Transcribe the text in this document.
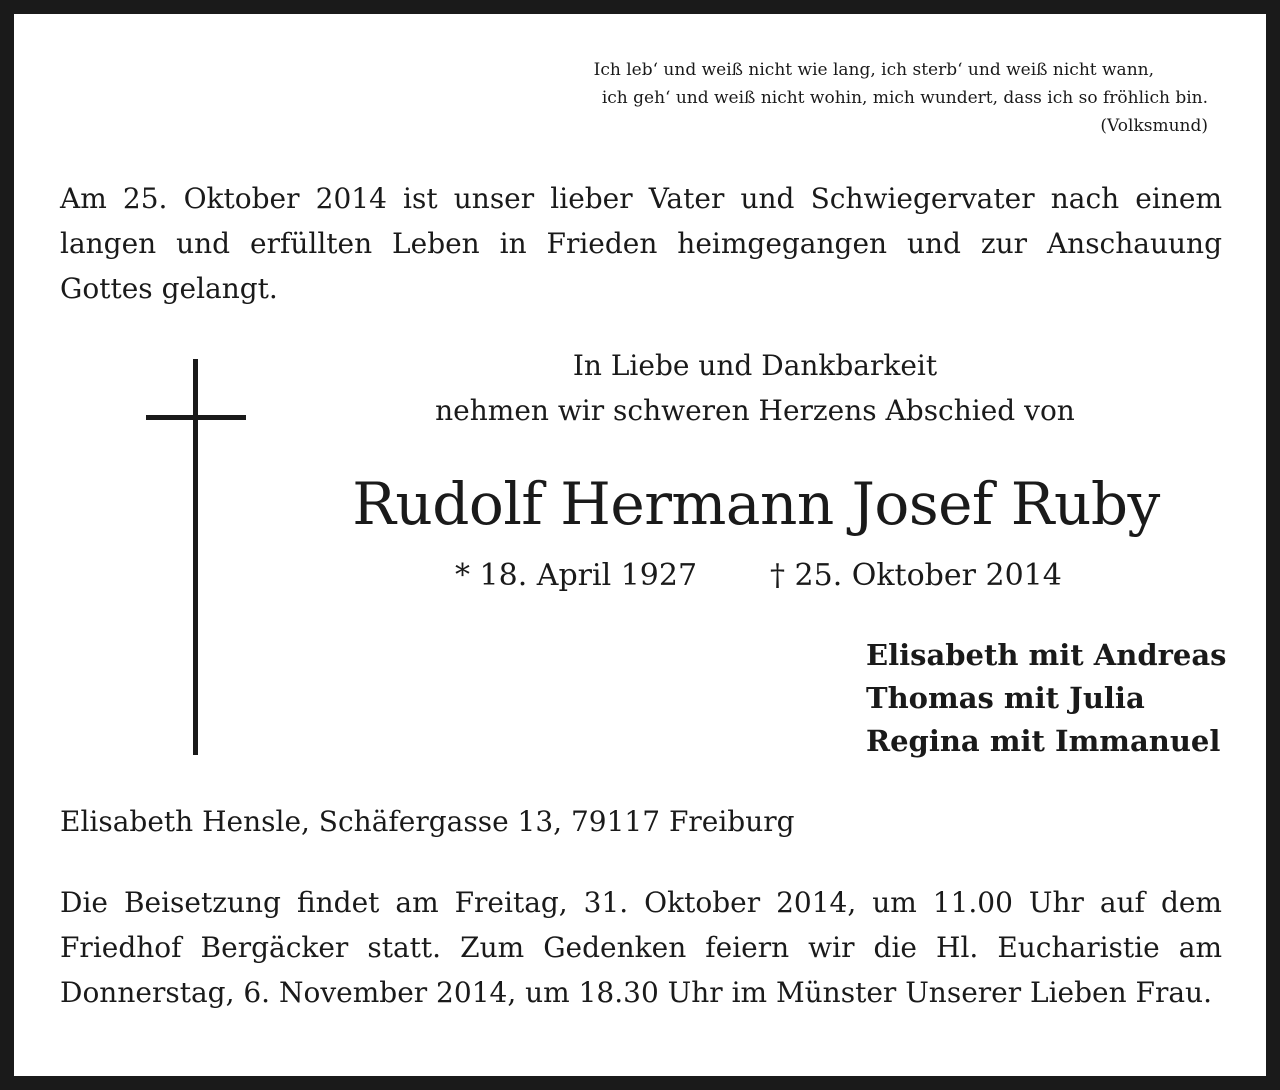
Ich leb‘ und weiß nicht wie lang, ich sterb‘ und weiß nicht wann,
ich geh‘ und weiß nicht wohin, mich wundert, dass ich so fröhlich bin.
(Volksmund)
Am 25. Oktober 2014 ist unser lieber Vater und Schwiegervater nach einem langen und erfüllten Leben in Frieden heimgegangen und zur Anschauung Gottes gelangt.
In Liebe und Dankbarkeit
nehmen wir schweren Herzens Abschied von
Rudolf Hermann Josef Ruby
* 18. April 1927 † 25. Oktober 2014
Elisabeth mit Andreas
Thomas mit Julia
Regina mit Immanuel
Elisabeth Hensle, Schäfergasse 13, 79117 Freiburg
Die Beisetzung findet am Freitag, 31. Oktober 2014, um 11.00 Uhr auf dem Friedhof Bergäcker statt. Zum Gedenken feiern wir die Hl. Eucharistie am Donnerstag, 6. November 2014, um 18.30 Uhr im Münster Unserer Lieben Frau.
